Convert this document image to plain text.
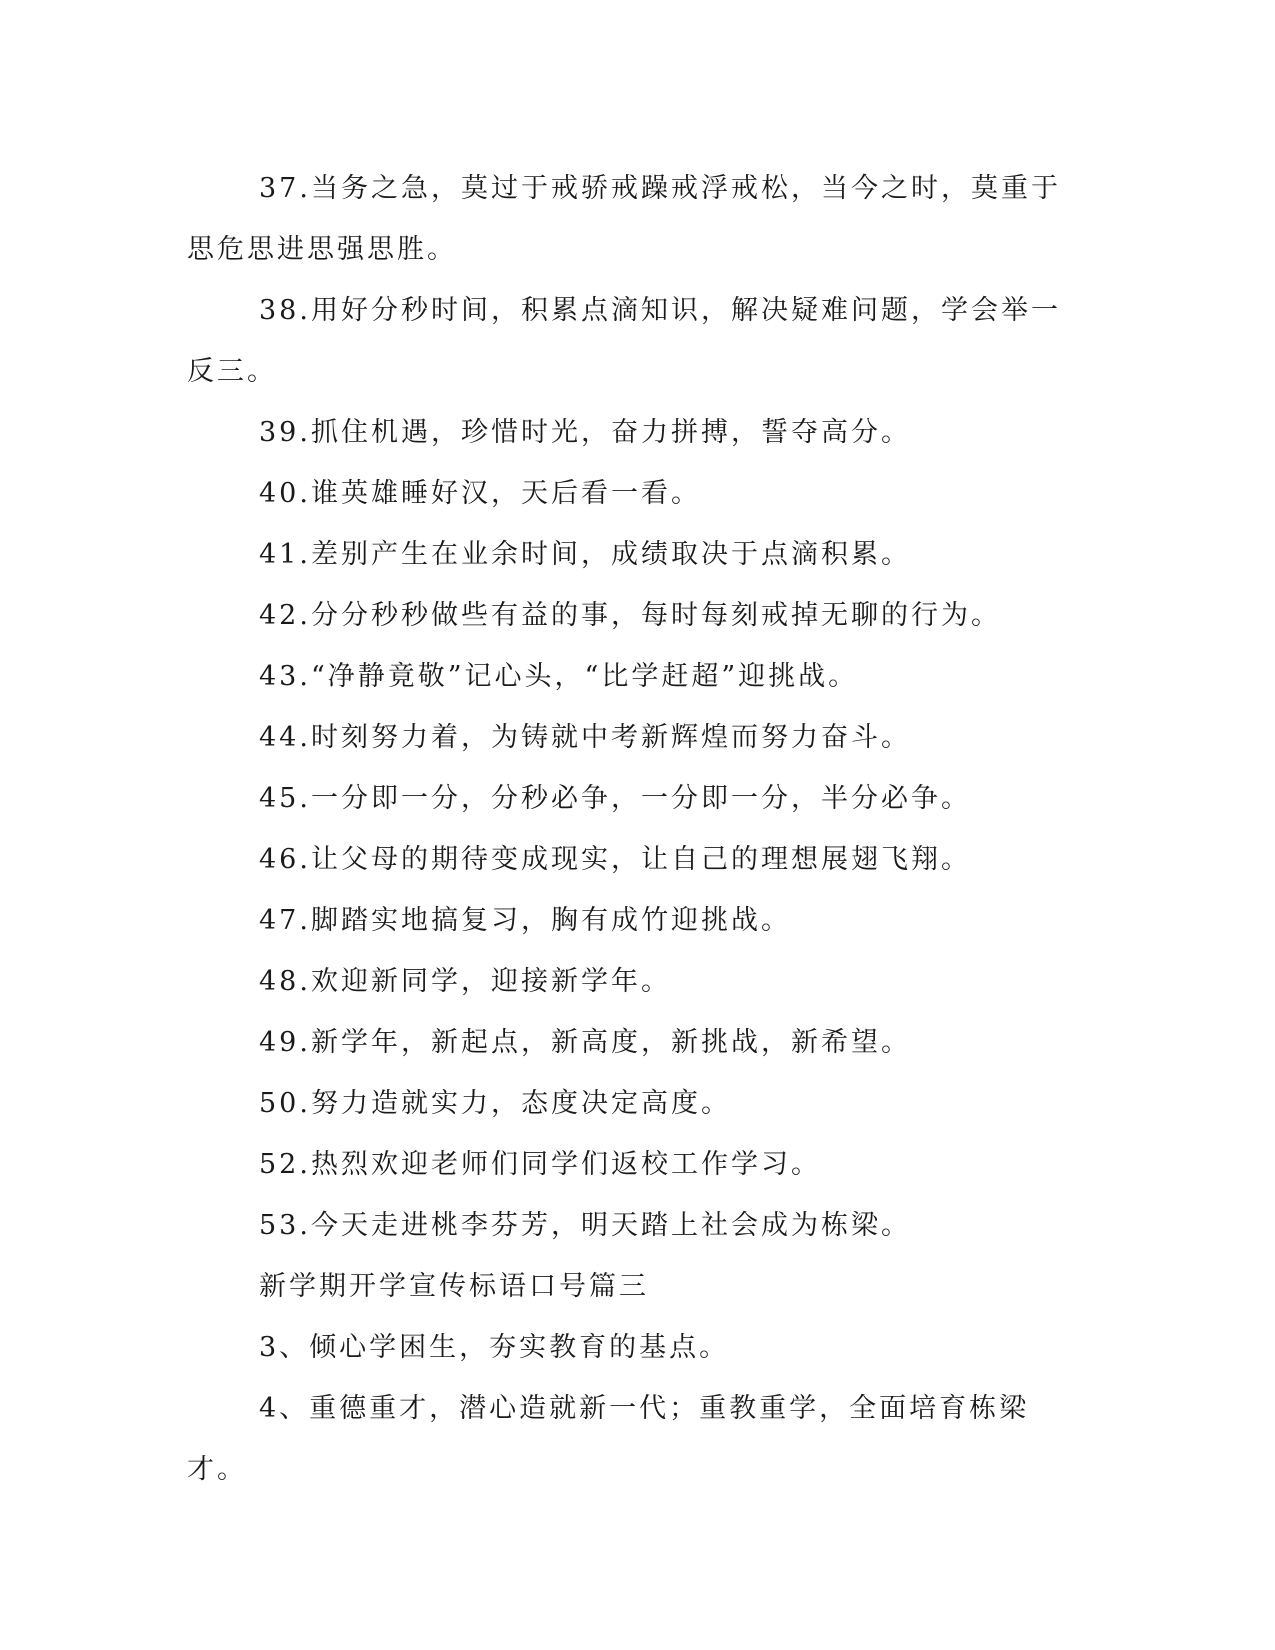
37.当务之急，莫过于戒骄戒躁戒浮戒松，当今之时，莫重于思危思进思强思胜。

38.用好分秒时间，积累点滴知识，解决疑难问题，学会举一反三。

39.抓住机遇，珍惜时光，奋力拼搏，誓夺高分。

40.谁英雄睡好汉，天后看一看。

41.差别产生在业余时间，成绩取决于点滴积累。

42.分分秒秒做些有益的事，每时每刻戒掉无聊的行为。

43.“净静竟敬”记心头，“比学赶超”迎挑战。

44.时刻努力着，为铸就中考新辉煌而努力奋斗。

45.一分即一分，分秒必争，一分即一分，半分必争。

46.让父母的期待变成现实，让自己的理想展翅飞翔。

47.脚踏实地搞复习，胸有成竹迎挑战。

48.欢迎新同学，迎接新学年。

49.新学年，新起点，新高度，新挑战，新希望。

50.努力造就实力，态度决定高度。

52.热烈欢迎老师们同学们返校工作学习。

53.今天走进桃李芬芳，明天踏上社会成为栋梁。

新学期开学宣传标语口号篇三

3、倾心学困生，夯实教育的基点。

4、重德重才，潜心造就新一代；重教重学，全面培育栋梁才。
